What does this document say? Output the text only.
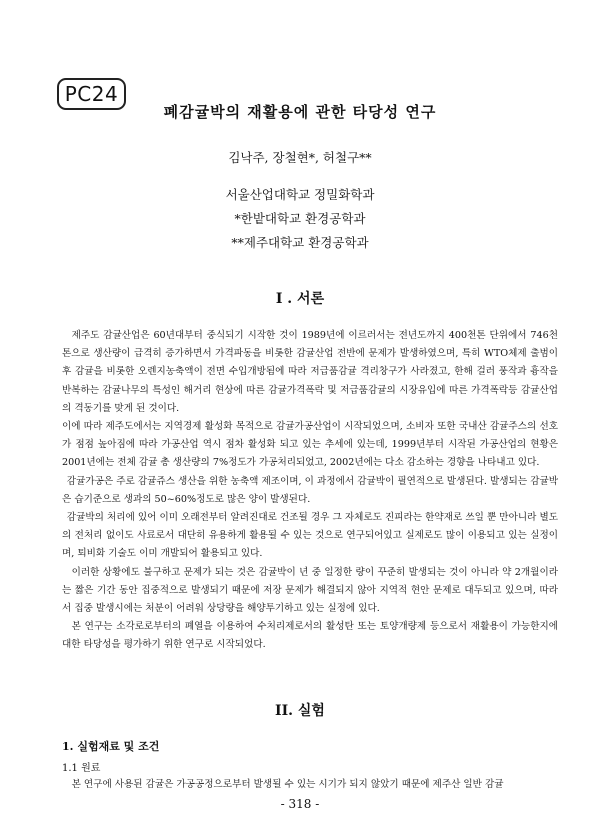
PC24
폐감귤박의 재활용에 관한 타당성 연구
김낙주, 장철현*, 허철구**
서울산업대학교 정밀화학과
*한밭대학교 환경공학과
**제주대학교 환경공학과
I . 서론

제주도 감귤산업은 60년대부터 중식되기 시작한 것이 1989년에 이르러서는 전년도까지 400천톤 단위에서 746천톤으로 생산량이 급격히 증가하면서 가격파동을 비롯한 감귤산업 전반에 문제가 발생하였으며, 특히 WTO체제 출범이후 감귤을 비롯한 오렌지농축액이 전면 수입개방됨에 따라 저급품감귤 격리창구가 사라졌고, 한해 걸러 풍작과 흉작을 반복하는 감귤나무의 특성인 해거리 현상에 따른 감귤가격폭락 및 저급품감귤의 시장유입에 따른 가격폭락등 감귤산업의 격동기를 맞게 된 것이다.

이에 따라 제주도에서는 지역경제 활성화 목적으로 감귤가공산업이 시작되었으며, 소비자 또한 국내산 감귤주스의 선호가 점점 높아짐에 따라 가공산업 역시 점차 활성화 되고 있는 추세에 있는데, 1999년부터 시작된 가공산업의 현황은 2001년에는 전체 감귤 총 생산량의 7%정도가 가공처리되었고, 2002년에는 다소 감소하는 경향을 나타내고 있다.

감귤가공은 주로 감귤쥬스 생산을 위한 농축액 제조이며, 이 과정에서 감귤박이 필연적으로 발생된다. 발생되는 감귤박은 습기준으로 생과의 50~60%정도로 많은 양이 발생된다.

감귤박의 처리에 있어 이미 오래전부터 알려진대로 건조될 경우 그 자체로도 진피라는 한약재로 쓰일 뿐 만아니라 별도의 전처리 없이도 사료로서 대단히 유용하게 활용될 수 있는 것으로 연구되어있고 실제로도 많이 이용되고 있는 실정이며, 퇴비화 기술도 이미 개발되어 활용되고 있다.

이러한 상황에도 불구하고 문제가 되는 것은 감귤박이 년 중 일정한 량이 꾸준히 발생되는 것이 아니라 약 2개월이라는 짧은 기간 동안 집중적으로 발생되기 때문에 저장 문제가 해결되지 않아 지역적 현안 문제로 대두되고 있으며, 따라서 집중 발생시에는 처분이 어려워 상당량을 해양투기하고 있는 실정에 있다.

본 연구는 소각로로부터의 폐열을 이용하여 수처리제로서의 활성탄 또는 토양개량제 등으로서 재활용이 가능한지에 대한 타당성을 평가하기 위한 연구로 시작되었다.

II. 실험
1. 실험재료 및 조건
1.1 원료
본 연구에 사용된 감귤은 가공공정으로부터 발생될 수 있는 시기가 되지 않았기 때문에 제주산 일반 감귤
- 318 -
